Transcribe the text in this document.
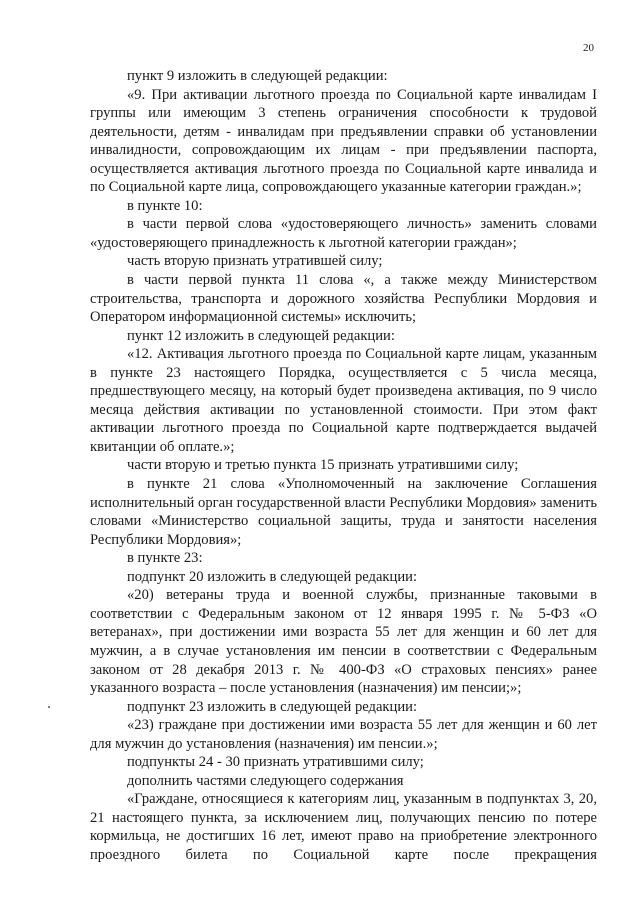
20

пункт 9 изложить в следующей редакции:

«9. При активации льготного проезда по Социальной карте инвалидам I группы или имеющим 3 степень ограничения способности к трудовой деятельности, детям - инвалидам при предъявлении справки об установлении инвалидности, сопровождающим их лицам - при предъявлении паспорта, осуществляется активация льготного проезда по Социальной карте инвалида и по Социальной карте лица, сопровождающего указанные категории граждан.»;

в пункте 10:

в части первой слова «удостоверяющего личность» заменить словами «удостоверяющего принадлежность к льготной категории граждан»;

часть вторую признать утратившей силу;

в части первой пункта 11 слова «, а также между Министерством строительства, транспорта и дорожного хозяйства Республики Мордовия и Оператором информационной системы» исключить;

пункт 12 изложить в следующей редакции:

«12. Активация льготного проезда по Социальной карте лицам, указанным в пункте 23 настоящего Порядка, осуществляется с 5 числа месяца, предшествующего месяцу, на который будет произведена активация, по 9 число месяца действия активации по установленной стоимости. При этом факт активации льготного проезда по Социальной карте подтверждается выдачей квитанции об оплате.»;

части вторую и третью пункта 15 признать утратившими силу;

в пункте 21 слова «Уполномоченный на заключение Соглашения исполнительный орган государственной власти Республики Мордовия» заменить словами «Министерство социальной защиты, труда и занятости населения Республики Мордовия»;

в пункте 23:

подпункт 20 изложить в следующей редакции:

«20) ветераны труда и военной службы, признанные таковыми в соответствии с Федеральным законом от 12 января 1995 г. № 5-ФЗ «О ветеранах», при достижении ими возраста 55 лет для женщин и 60 лет для мужчин, а в случае установления им пенсии в соответствии с Федеральным законом от 28 декабря 2013 г. № 400-ФЗ «О страховых пенсиях» ранее указанного возраста – после установления (назначения) им пенсии;»;

подпункт 23 изложить в следующей редакции:

«23) граждане при достижении ими возраста 55 лет для женщин и 60 лет для мужчин до установления (назначения) им пенсии.»;

подпункты 24 - 30 признать утратившими силу;

дополнить частями следующего содержания

«Граждане, относящиеся к категориям лиц, указанным в подпунктах 3, 20, 21 настоящего пункта, за исключением лиц, получающих пенсию по потере кормильца, не достигших 16 лет, имеют право на приобретение электронного проездного билета по Социальной карте после прекращения
